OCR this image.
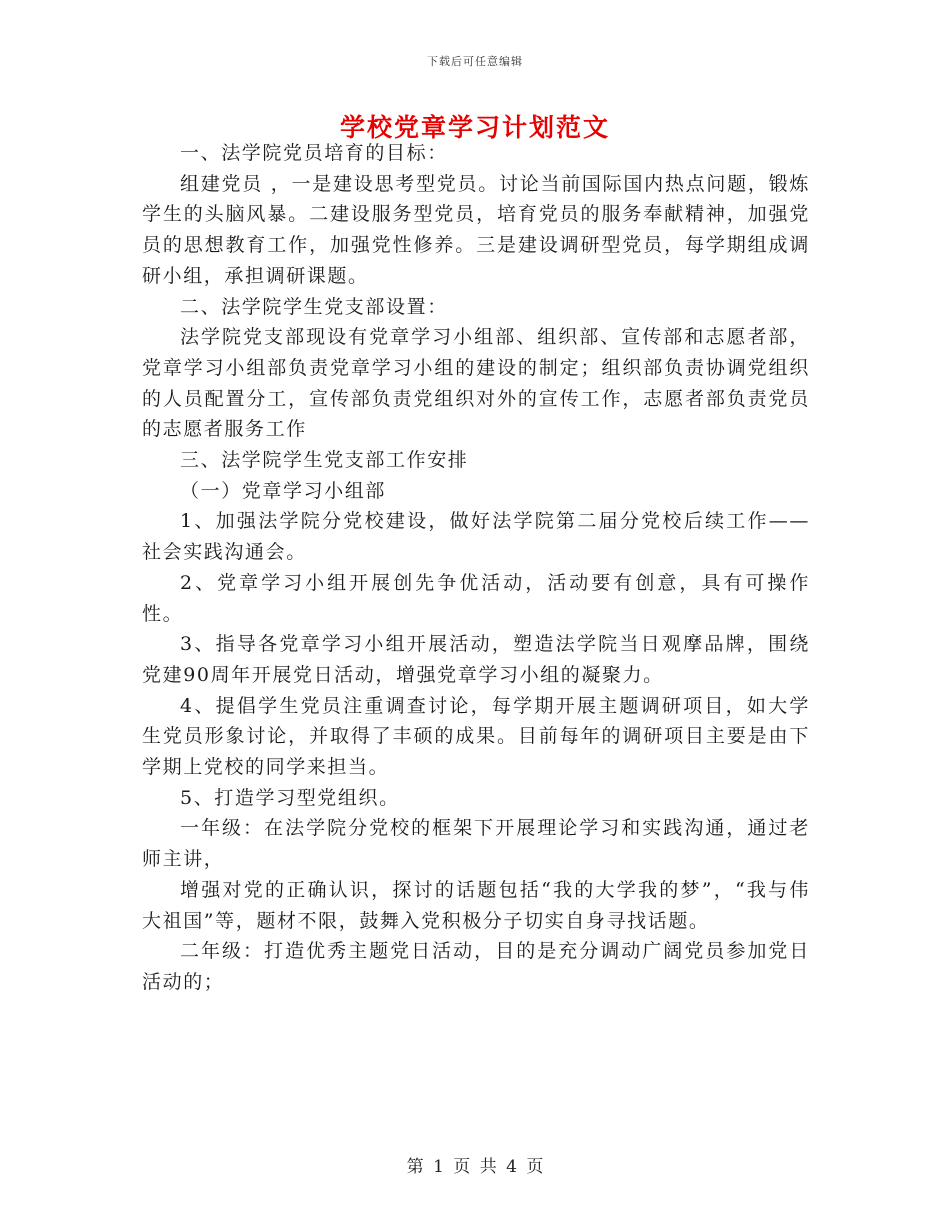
下载后可任意编辑
学校党章学习计划范文

一、法学院党员培育的目标：

组建党员 ，一是建设思考型党员。讨论当前国际国内热点问题，锻炼学生的头脑风暴。二建设服务型党员，培育党员的服务奉献精神，加强党员的思想教育工作，加强党性修养。三是建设调研型党员，每学期组成调研小组，承担调研课题。

二、法学院学生党支部设置：

法学院党支部现设有党章学习小组部、组织部、宣传部和志愿者部，党章学习小组部负责党章学习小组的建设的制定；组织部负责协调党组织的人员配置分工，宣传部负责党组织对外的宣传工作，志愿者部负责党员的志愿者服务工作

三、法学院学生党支部工作安排

（一）党章学习小组部

1、加强法学院分党校建设，做好法学院第二届分党校后续工作——社会实践沟通会。

2、党章学习小组开展创先争优活动，活动要有创意，具有可操作性。

3、指导各党章学习小组开展活动，塑造法学院当日观摩品牌，围绕党建90周年开展党日活动，增强党章学习小组的凝聚力。

4、提倡学生党员注重调查讨论，每学期开展主题调研项目，如大学生党员形象讨论，并取得了丰硕的成果。目前每年的调研项目主要是由下学期上党校的同学来担当。

5、打造学习型党组织。

一年级：在法学院分党校的框架下开展理论学习和实践沟通，通过老师主讲，

增强对党的正确认识，探讨的话题包括“我的大学我的梦”，“我与伟大祖国”等，题材不限，鼓舞入党积极分子切实自身寻找话题。

二年级：打造优秀主题党日活动，目的是充分调动广阔党员参加党日活动的；

第 1 页 共 4 页
